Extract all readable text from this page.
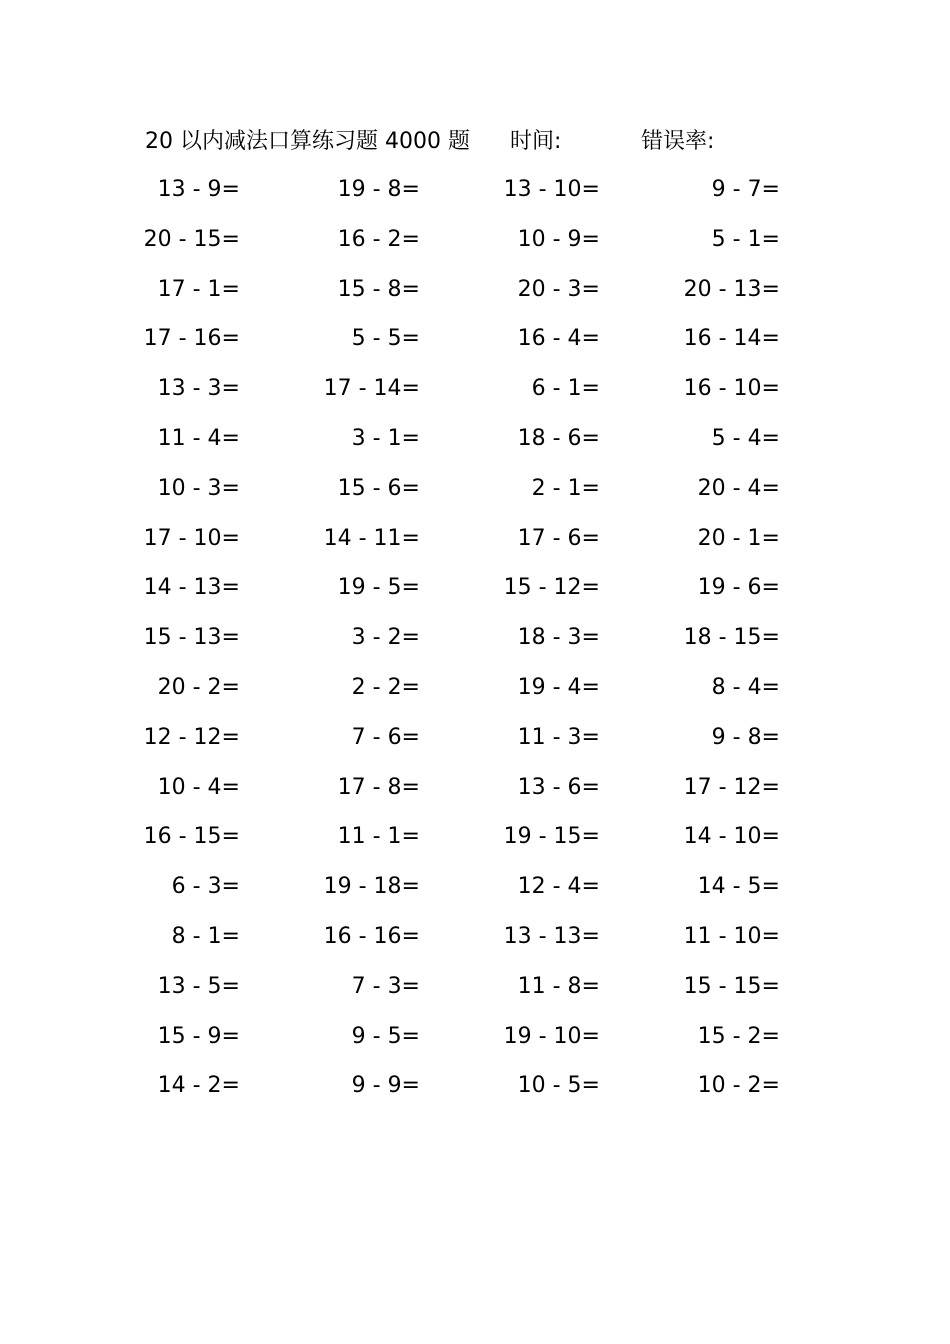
20 以内减法口算练习题 4000 题 时间:	错误率:
13 - 9=	19 - 8=	13 - 10=	9 - 7=
20 - 15=	16 - 2=	10 - 9=	5 - 1=
17 - 1=	15 - 8=	20 - 3=	20 - 13=
17 - 16=	5 - 5=	16 - 4=	16 - 14=
13 - 3=	17 - 14=	6 - 1=	16 - 10=
11 - 4=	3 - 1=	18 - 6=	5 - 4=
10 - 3=	15 - 6=	2 - 1=	20 - 4=
17 - 10=	14 - 11=	17 - 6=	20 - 1=
14 - 13=	19 - 5=	15 - 12=	19 - 6=
15 - 13=	3 - 2=	18 - 3=	18 - 15=
20 - 2=	2 - 2=	19 - 4=	8 - 4=
12 - 12=	7 - 6=	11 - 3=	9 - 8=
10 - 4=	17 - 8=	13 - 6=	17 - 12=
16 - 15=	11 - 1=	19 - 15=	14 - 10=
6 - 3=	19 - 18=	12 - 4=	14 - 5=
8 - 1=	16 - 16=	13 - 13=	11 - 10=
13 - 5=	7 - 3=	11 - 8=	15 - 15=
15 - 9=	9 - 5=	19 - 10=	15 - 2=
14 - 2=	9 - 9=	10 - 5=	10 - 2=
